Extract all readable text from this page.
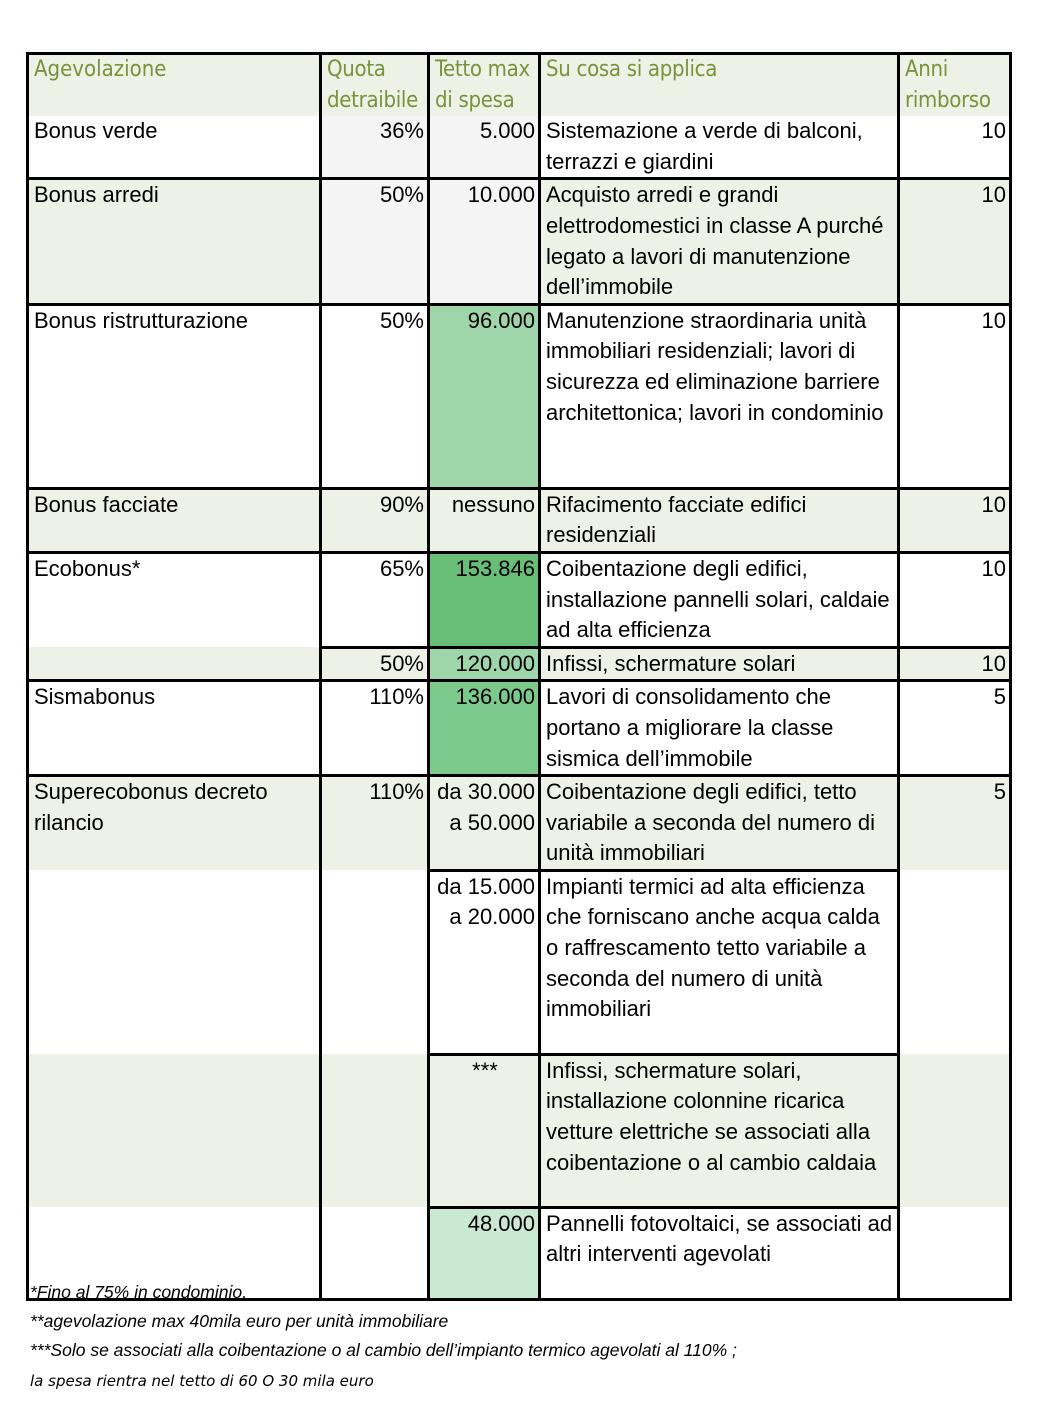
Agevolazione	Quota detraibile	Tetto max di spesa	Su cosa si applica	Anni rimborso
Bonus verde	36%	5.000	Sistemazione a verde di balconi, terrazzi e giardini	10
Bonus arredi	50%	10.000	Acquisto arredi e grandi elettrodomestici in classe A purché legato a lavori di manutenzione dell’immobile	10
Bonus ristrutturazione	50%	96.000	Manutenzione straordinaria unità immobiliari residenziali; lavori di sicurezza ed eliminazione barriere architettonica; lavori in condominio	10
Bonus facciate	90%	nessuno	Rifacimento facciate edifici residenziali	10
Ecobonus*	65%	153.846	Coibentazione degli edifici, installazione pannelli solari, caldaie ad alta efficienza	10
	50%	120.000	Infissi, schermature solari	10
Sismabonus	110%	136.000	Lavori di consolidamento che portano a migliorare la classe sismica dell’immobile	5
Superecobonus decreto rilancio	110%	da 30.000 a 50.000	Coibentazione degli edifici, tetto variabile a seconda del numero di unità immobiliari	5
		da 15.000 a 20.000	Impianti termici ad alta efficienza che forniscano anche acqua calda o raffrescamento tetto variabile a seconda del numero di unità immobiliari	
		***	Infissi, schermature solari, installazione colonnine ricarica vetture elettriche se associati alla coibentazione o al cambio caldaia	
		48.000	Pannelli fotovoltaici, se associati ad altri interventi agevolati	
*Fino al 75% in condominio,
**agevolazione max 40mila euro per unità immobiliare
***Solo se associati alla coibentazione o al cambio dell’impianto termico agevolati al 110% ;
la spesa rientra nel tetto di 60 O 30 mila euro
